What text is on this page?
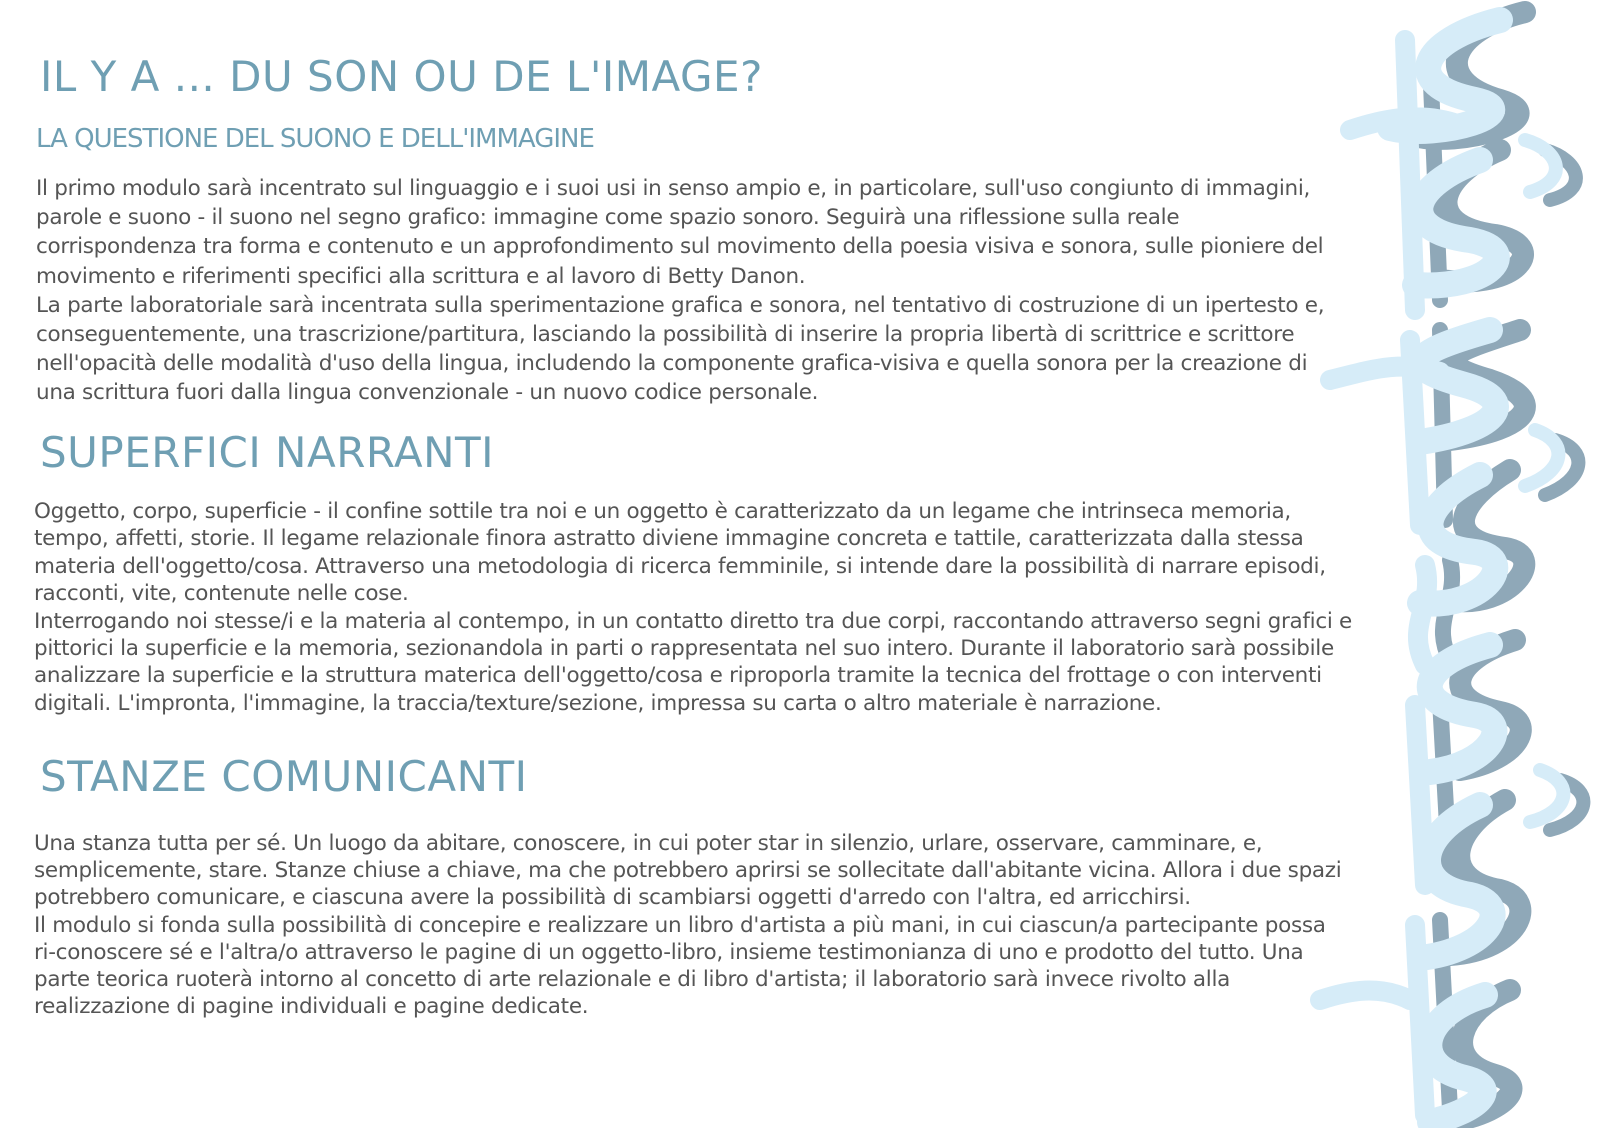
IL Y A ... DU SON OU DE L'IMAGE?
LA QUESTIONE DEL SUONO E DELL'IMMAGINE

Il primo modulo sarà incentrato sul linguaggio e i suoi usi in senso ampio e, in particolare, sull'uso congiunto di immagini, parole e suono - il suono nel segno grafico: immagine come spazio sonoro. Seguirà una riflessione sulla reale corrispondenza tra forma e contenuto e un approfondimento sul movimento della poesia visiva e sonora, sulle pioniere del movimento e riferimenti specifici alla scrittura e al lavoro di Betty Danon.

La parte laboratoriale sarà incentrata sulla sperimentazione grafica e sonora, nel tentativo di costruzione di un ipertesto e, conseguentemente, una trascrizione/partitura, lasciando la possibilità di inserire la propria libertà di scrittrice e scrittore nell'opacità delle modalità d'uso della lingua, includendo la componente grafica-visiva e quella sonora per la creazione di una scrittura fuori dalla lingua convenzionale - un nuovo codice personale.

SUPERFICI NARRANTI

Oggetto, corpo, superficie - il confine sottile tra noi e un oggetto è caratterizzato da un legame che intrinseca memoria, tempo, affetti, storie. Il legame relazionale finora astratto diviene immagine concreta e tattile, caratterizzata dalla stessa materia dell'oggetto/cosa. Attraverso una metodologia di ricerca femminile, si intende dare la possibilità di narrare episodi, racconti, vite, contenute nelle cose.

Interrogando noi stesse/i e la materia al contempo, in un contatto diretto tra due corpi, raccontando attraverso segni grafici e pittorici la superficie e la memoria, sezionandola in parti o rappresentata nel suo intero. Durante il laboratorio sarà possibile analizzare la superficie e la struttura materica dell'oggetto/cosa e riproporla tramite la tecnica del frottage o con interventi digitali. L'impronta, l'immagine, la traccia/texture/sezione, impressa su carta o altro materiale è narrazione.

STANZE COMUNICANTI

Una stanza tutta per sé. Un luogo da abitare, conoscere, in cui poter star in silenzio, urlare, osservare, camminare, e, semplicemente, stare. Stanze chiuse a chiave, ma che potrebbero aprirsi se sollecitate dall'abitante vicina. Allora i due spazi potrebbero comunicare, e ciascuna avere la possibilità di scambiarsi oggetti d'arredo con l'altra, ed arricchirsi.

Il modulo si fonda sulla possibilità di concepire e realizzare un libro d'artista a più mani, in cui ciascun/a partecipante possa ri-conoscere sé e l'altra/o attraverso le pagine di un oggetto-libro, insieme testimonianza di uno e prodotto del tutto. Una parte teorica ruoterà intorno al concetto di arte relazionale e di libro d'artista; il laboratorio sarà invece rivolto alla realizzazione di pagine individuali e pagine dedicate.
